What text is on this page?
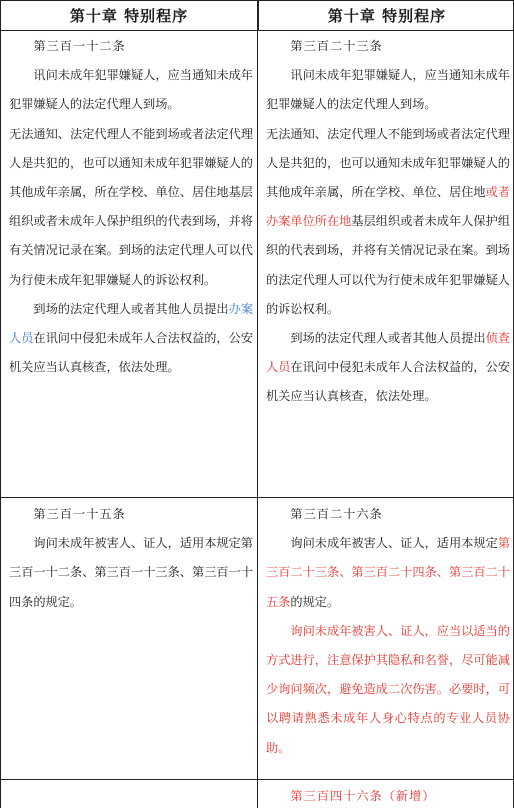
第十章 特别程序	第十章 特别程序

第三百一十二条

讯问未成年犯罪嫌疑人，应当通知未成年犯罪嫌疑人的法定代理人到场。

无法通知、法定代理人不能到场或者法定代理人是共犯的，也可以通知未成年犯罪嫌疑人的其他成年亲属，所在学校、单位、居住地基层组织或者未成年人保护组织的代表到场，并将有关情况记录在案。到场的法定代理人可以代为行使未成年犯罪嫌疑人的诉讼权利。

到场的法定代理人或者其他人员提出办案人员在讯问中侵犯未成年人合法权益的，公安机关应当认真核查，依法处理。

第三百二十三条

讯问未成年犯罪嫌疑人，应当通知未成年犯罪嫌疑人的法定代理人到场。

无法通知、法定代理人不能到场或者法定代理人是共犯的，也可以通知未成年犯罪嫌疑人的其他成年亲属，所在学校、单位、居住地或者办案单位所在地基层组织或者未成年人保护组织的代表到场，并将有关情况记录在案。到场的法定代理人可以代为行使未成年犯罪嫌疑人的诉讼权利。

到场的法定代理人或者其他人员提出侦查人员在讯问中侵犯未成年人合法权益的，公安机关应当认真核查，依法处理。

第三百一十五条

询问未成年被害人、证人，适用本规定第三百一十二条、第三百一十三条、第三百一十四条的规定。

第三百二十六条

询问未成年被害人、证人，适用本规定第三百二十三条、第三百二十四条、第三百二十五条的规定。

询问未成年被害人、证人，应当以适当的方式进行，注意保护其隐私和名誉，尽可能减少询问频次，避免造成二次伤害。必要时，可以聘请熟悉未成年人身心特点的专业人员协助。

第三百四十六条（新增）
